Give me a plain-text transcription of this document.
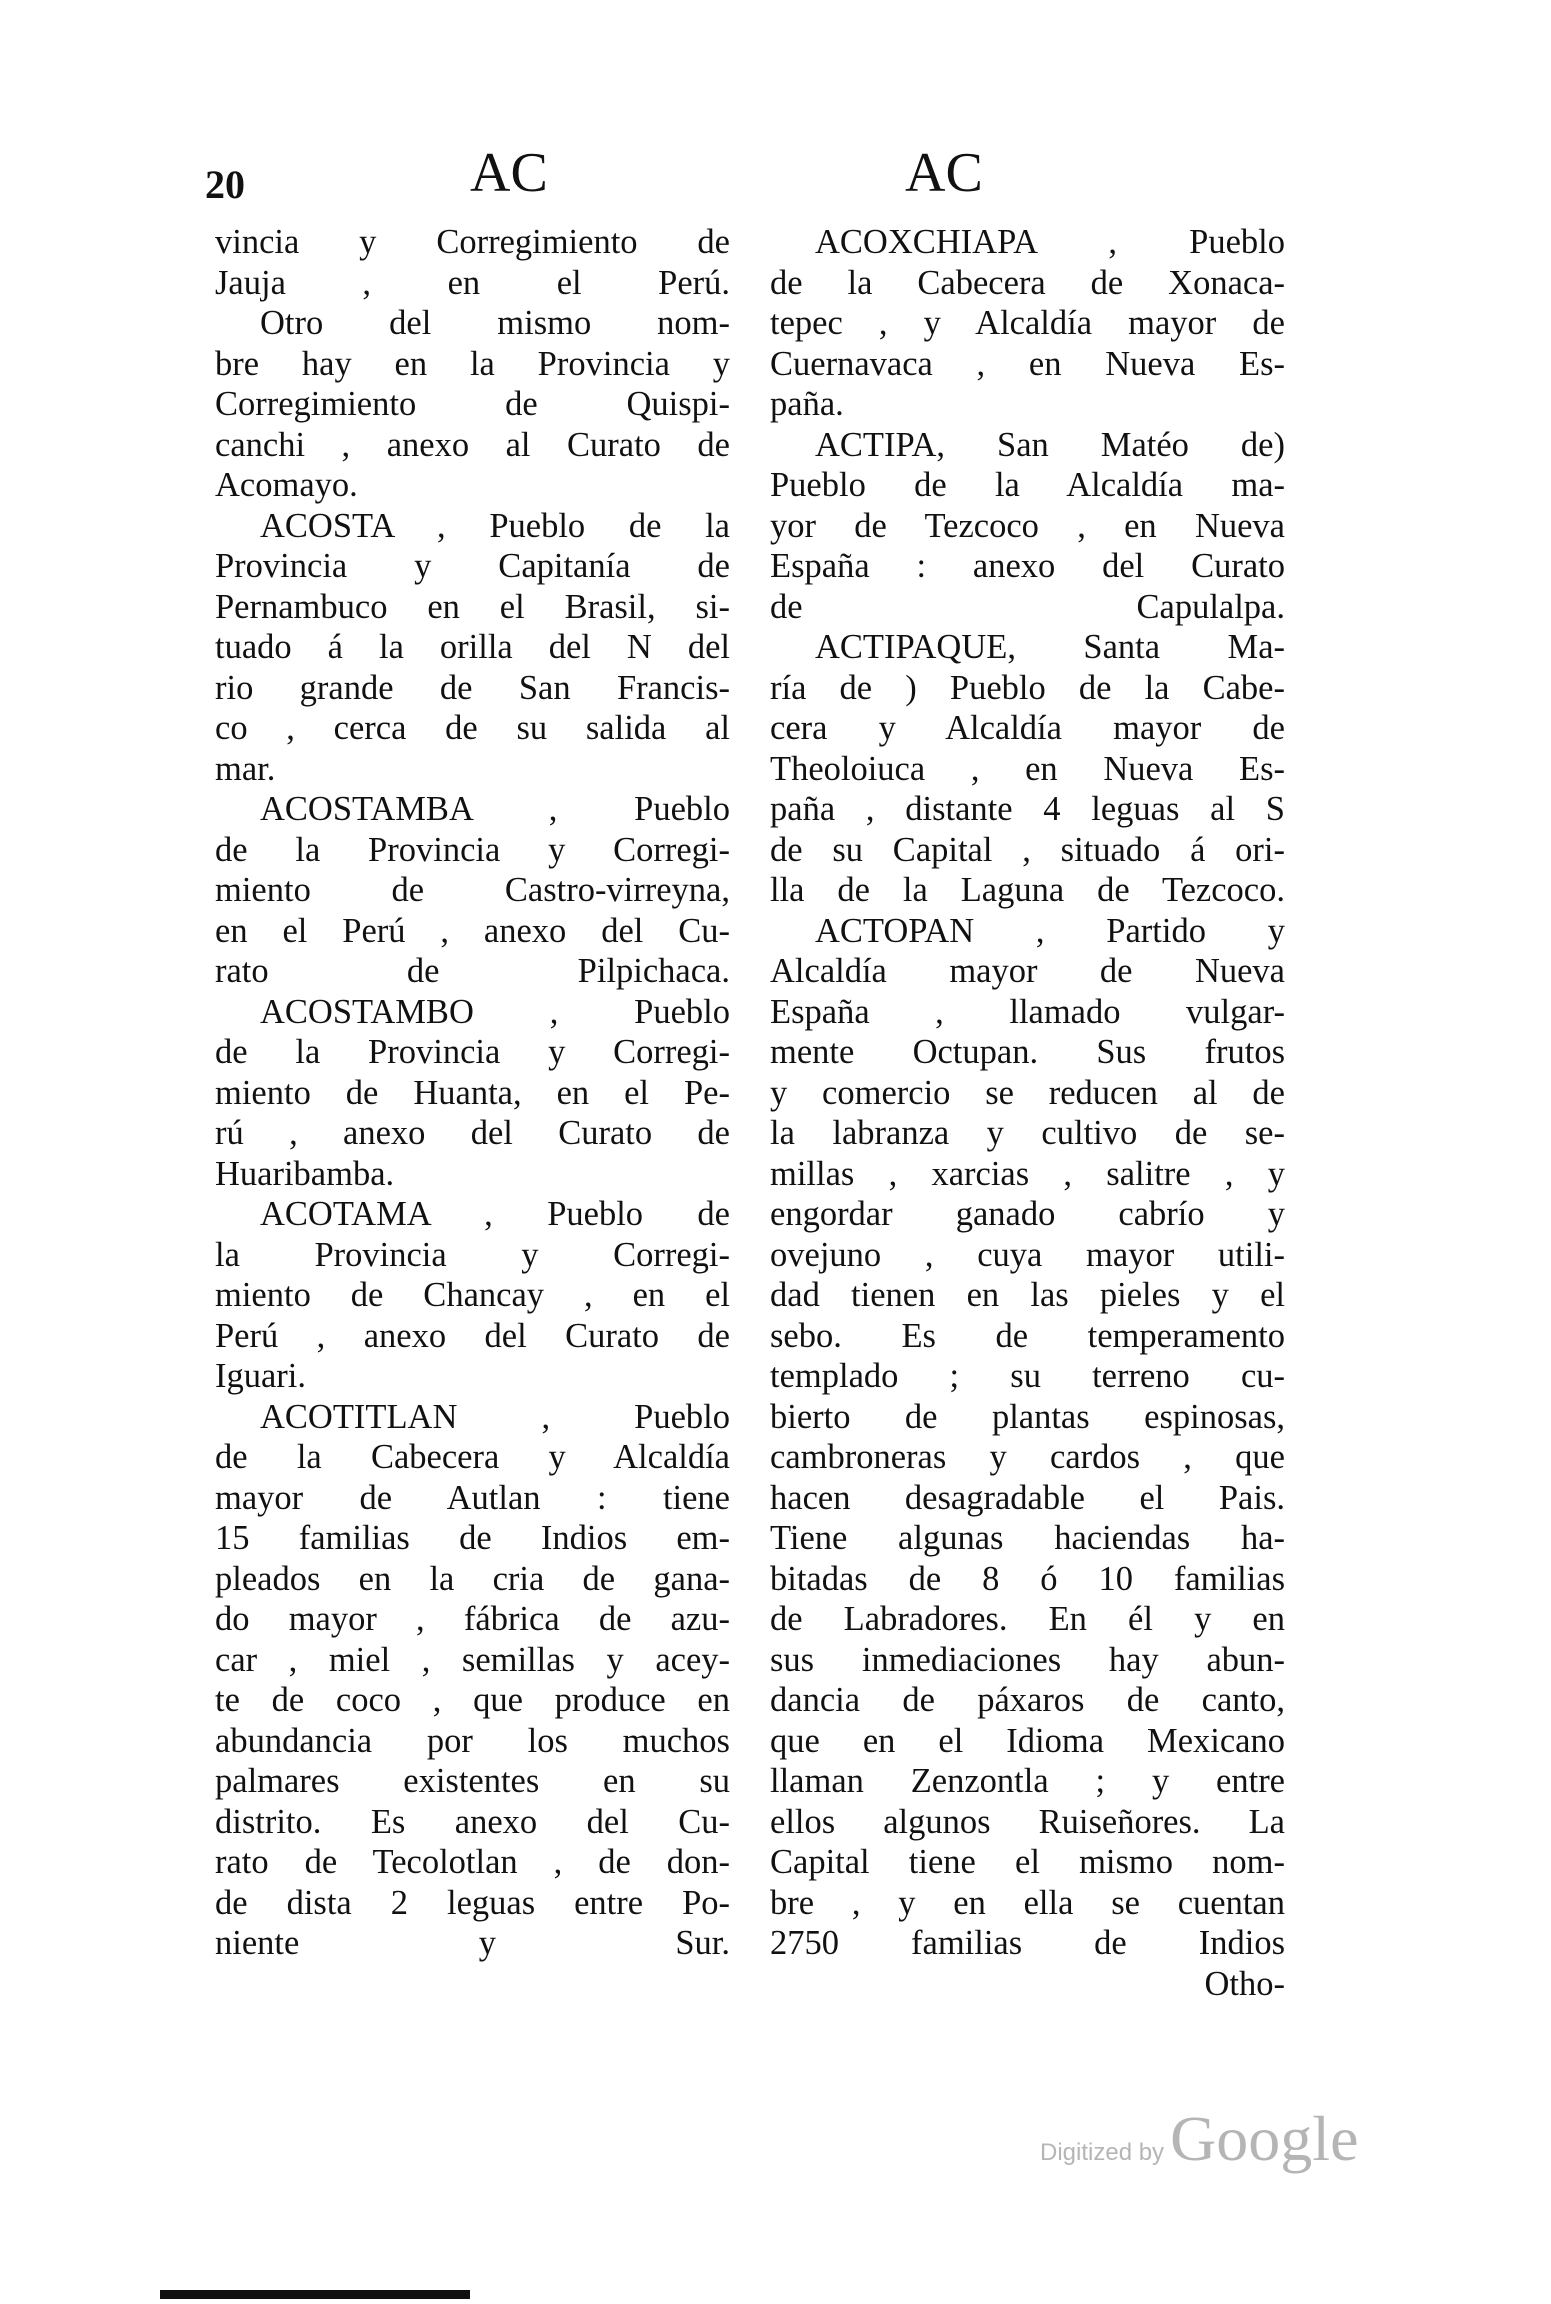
20	AC	AC
vincia y Corregimiento de
Jauja , en el Perú.
Otro del mismo nom-
bre hay en la Provincia y
Corregimiento de Quispi-
canchi , anexo al Curato de
Acomayo.
ACOSTA , Pueblo de la
Provincia y Capitanía de
Pernambuco en el Brasil, si-
tuado á la orilla del N del
rio grande de San Francis-
co , cerca de su salida al
mar.
ACOSTAMBA , Pueblo
de la Provincia y Corregi-
miento de Castro-virreyna,
en el Perú , anexo del Cu-
rato de Pilpichaca.
ACOSTAMBO , Pueblo
de la Provincia y Corregi-
miento de Huanta, en el Pe-
rú , anexo del Curato de
Huaribamba.
ACOTAMA , Pueblo de
la Provincia y Corregi-
miento de Chancay , en el
Perú , anexo del Curato de
Iguari.
ACOTITLAN , Pueblo
de la Cabecera y Alcaldía
mayor de Autlan : tiene
15 familias de Indios em-
pleados en la cria de gana-
do mayor , fábrica de azu-
car , miel , semillas y acey-
te de coco , que produce en
abundancia por los muchos
palmares existentes en su
distrito. Es anexo del Cu-
rato de Tecolotlan , de don-
de dista 2 leguas entre Po-
niente y Sur.
ACOXCHIAPA , Pueblo
de la Cabecera de Xonaca-
tepec , y Alcaldía mayor de
Cuernavaca , en Nueva Es-
paña.
ACTIPA, San Matéo de)
Pueblo de la Alcaldía ma-
yor de Tezcoco , en Nueva
España : anexo del Curato
de Capulalpa.
ACTIPAQUE, Santa Ma-
ría de ) Pueblo de la Cabe-
cera y Alcaldía mayor de
Theoloiuca , en Nueva Es-
paña , distante 4 leguas al S
de su Capital , situado á ori-
lla de la Laguna de Tezcoco.
ACTOPAN , Partido y
Alcaldía mayor de Nueva
España , llamado vulgar-
mente Octupan. Sus frutos
y comercio se reducen al de
la labranza y cultivo de se-
millas , xarcias , salitre , y
engordar ganado cabrío y
ovejuno , cuya mayor utili-
dad tienen en las pieles y el
sebo. Es de temperamento
templado ; su terreno cu-
bierto de plantas espinosas,
cambroneras y cardos , que
hacen desagradable el Pais.
Tiene algunas haciendas ha-
bitadas de 8 ó 10 familias
de Labradores. En él y en
sus inmediaciones hay abun-
dancia de páxaros de canto,
que en el Idioma Mexicano
llaman Zenzontla ; y entre
ellos algunos Ruiseñores. La
Capital tiene el mismo nom-
bre , y en ella se cuentan
2750 familias de Indios
Otho-
Digitized by Google
